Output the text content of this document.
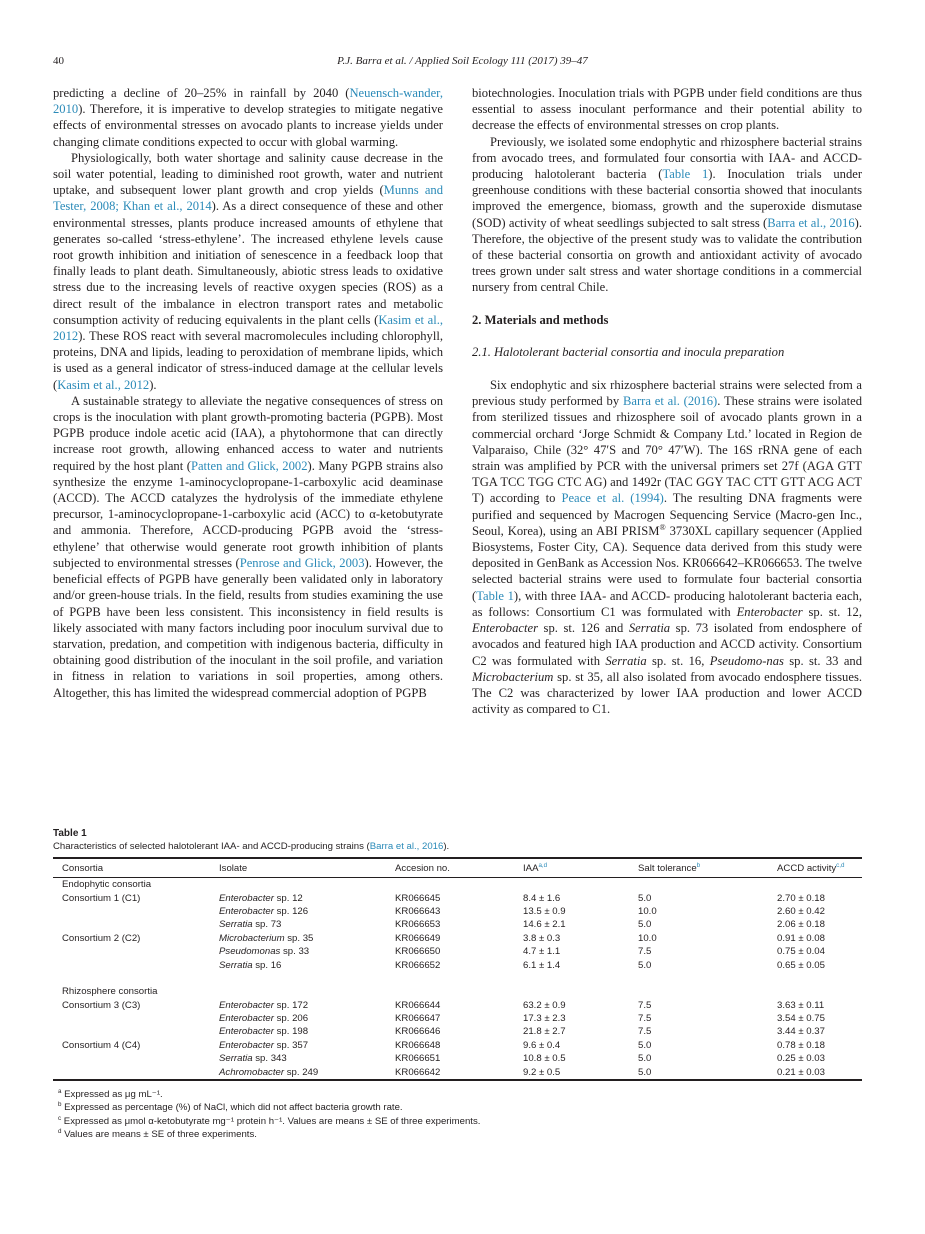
40	P.J. Barra et al. / Applied Soil Ecology 111 (2017) 39–47

predicting a decline of 20–25% in rainfall by 2040 (Neuensch-wander, 2010). Therefore, it is imperative to develop strategies to mitigate negative effects of environmental stresses on avocado plants to increase yields under changing climate conditions expected to occur with global warming.

Physiologically, both water shortage and salinity cause decrease in the soil water potential, leading to diminished root growth, water and nutrient uptake, and subsequent lower plant growth and crop yields (Munns and Tester, 2008; Khan et al., 2014). As a direct consequence of these and other environmental stresses, plants produce increased amounts of ethylene that generates so-called ‘stress-ethylene’. The increased ethylene levels cause root growth inhibition and initiation of senescence in a feedback loop that finally leads to plant death. Simultaneously, abiotic stress leads to oxidative stress due to the increasing levels of reactive oxygen species (ROS) as a direct result of the imbalance in electron transport rates and metabolic consumption activity of reducing equivalents in the plant cells (Kasim et al., 2012). These ROS react with several macromolecules including chlorophyll, proteins, DNA and lipids, leading to peroxidation of membrane lipids, which is used as a general indicator of stress-induced damage at the cellular levels (Kasim et al., 2012).

A sustainable strategy to alleviate the negative consequences of stress on crops is the inoculation with plant growth-promoting bacteria (PGPB). Most PGPB produce indole acetic acid (IAA), a phytohormone that can directly increase root growth, allowing enhanced access to water and nutrients required by the host plant (Patten and Glick, 2002). Many PGPB strains also synthesize the enzyme 1-aminocyclopropane-1-carboxylic acid deaminase (ACCD). The ACCD catalyzes the hydrolysis of the immediate ethylene precursor, 1-aminocyclopropane-1-carboxylic acid (ACC) to α-ketobutyrate and ammonia. Therefore, ACCD-producing PGPB avoid the ‘stress-ethylene’ that otherwise would generate root growth inhibition of plants subjected to environmental stresses (Penrose and Glick, 2003). However, the beneficial effects of PGPB have generally been validated only in laboratory and/or green-house trials. In the field, results from studies examining the use of PGPB have been less consistent. This inconsistency in field results is likely associated with many factors including poor inoculum survival due to starvation, predation, and competition with indigenous bacteria, difficulty in obtaining good distribution of the inoculant in the soil profile, and variation in fitness in relation to variations in soil properties, among others. Altogether, this has limited the widespread commercial adoption of PGPB

biotechnologies. Inoculation trials with PGPB under field conditions are thus essential to assess inoculant performance and their potential ability to decrease the effects of environmental stresses on crop plants.

Previously, we isolated some endophytic and rhizosphere bacterial strains from avocado trees, and formulated four consortia with IAA- and ACCD- producing halotolerant bacteria (Table 1). Inoculation trials under greenhouse conditions with these bacterial consortia showed that inoculants improved the emergence, biomass, growth and the superoxide dismutase (SOD) activity of wheat seedlings subjected to salt stress (Barra et al., 2016). Therefore, the objective of the present study was to validate the contribution of these bacterial consortia on growth and antioxidant activity of avocado trees grown under salt stress and water shortage conditions in a commercial nursery from central Chile.

2. Materials and methods
2.1. Halotolerant bacterial consortia and inocula preparation

Six endophytic and six rhizosphere bacterial strains were selected from a previous study performed by Barra et al. (2016). These strains were isolated from sterilized tissues and rhizosphere soil of avocado plants grown in a commercial orchard ‘Jorge Schmidt & Company Ltd.’ located in Region de Valparaiso, Chile (32° 47′S and 70° 47′W). The 16S rRNA gene of each strain was amplified by PCR with the universal primers set 27f (AGA GTT TGA TCC TGG CTC AG) and 1492r (TAC GGY TAC CTT GTT ACG ACT T) according to Peace et al. (1994). The resulting DNA fragments were purified and sequenced by Macrogen Sequencing Service (Macro-gen Inc., Seoul, Korea), using an ABI PRISM® 3730XL capillary sequencer (Applied Biosystems, Foster City, CA). Sequence data derived from this study were deposited in GenBank as Accession Nos. KR066642–KR066653. The twelve selected bacterial strains were used to formulate four bacterial consortia (Table 1), with three IAA- and ACCD- producing halotolerant bacteria each, as follows: Consortium C1 was formulated with Enterobacter sp. st. 12, Enterobacter sp. st. 126 and Serratia sp. 73 isolated from endosphere of avocados and featured high IAA production and ACCD activity. Consortium C2 was formulated with Serratia sp. st. 16, Pseudomo-nas sp. st. 33 and Microbacterium sp. st 35, all also isolated from avocado endosphere tissues. The C2 was characterized by lower IAA production and lower ACCD activity as compared to C1.

Table 1
Characteristics of selected halotolerant IAA- and ACCD-producing strains (Barra et al., 2016).
Consortia	Isolate	Accesion no.	IAA$^{a,d}$	Salt tolerance$^b$	ACCD activity$^{c,d}$
Endophytic consortia					
Consortium 1 (C1)	Enterobacter sp. 12	KR066645	8.4 ± 1.6	5.0	2.70 ± 0.18
	Enterobacter sp. 126	KR066643	13.5 ± 0.9	10.0	2.60 ± 0.42
	Serratia sp. 73	KR066653	14.6 ± 2.1	5.0	2.06 ± 0.18
Consortium 2 (C2)	Microbacterium sp. 35	KR066649	3.8 ± 0.3	10.0	0.91 ± 0.08
	Pseudomonas sp. 33	KR066650	4.7 ± 1.1	7.5	0.75 ± 0.04
	Serratia sp. 16	KR066652	6.1 ± 1.4	5.0	0.65 ± 0.05

Rhizosphere consortia					
Consortium 3 (C3)	Enterobacter sp. 172	KR066644	63.2 ± 0.9	7.5	3.63 ± 0.11
	Enterobacter sp. 206	KR066647	17.3 ± 2.3	7.5	3.54 ± 0.75
	Enterobacter sp. 198	KR066646	21.8 ± 2.7	7.5	3.44 ± 0.37
Consortium 4 (C4)	Enterobacter sp. 357	KR066648	9.6 ± 0.4	5.0	0.78 ± 0.18
	Serratia sp. 343	KR066651	10.8 ± 0.5	5.0	0.25 ± 0.03
	Achromobacter sp. 249	KR066642	9.2 ± 0.5	5.0	0.21 ± 0.03
$^a$ Expressed as μg mL⁻¹.
$^b$ Expressed as percentage (%) of NaCl, which did not affect bacteria growth rate.
$^c$ Expressed as μmol α-ketobutyrate mg⁻¹ protein h⁻¹. Values are means ± SE of three experiments.
$^d$ Values are means ± SE of three experiments.
